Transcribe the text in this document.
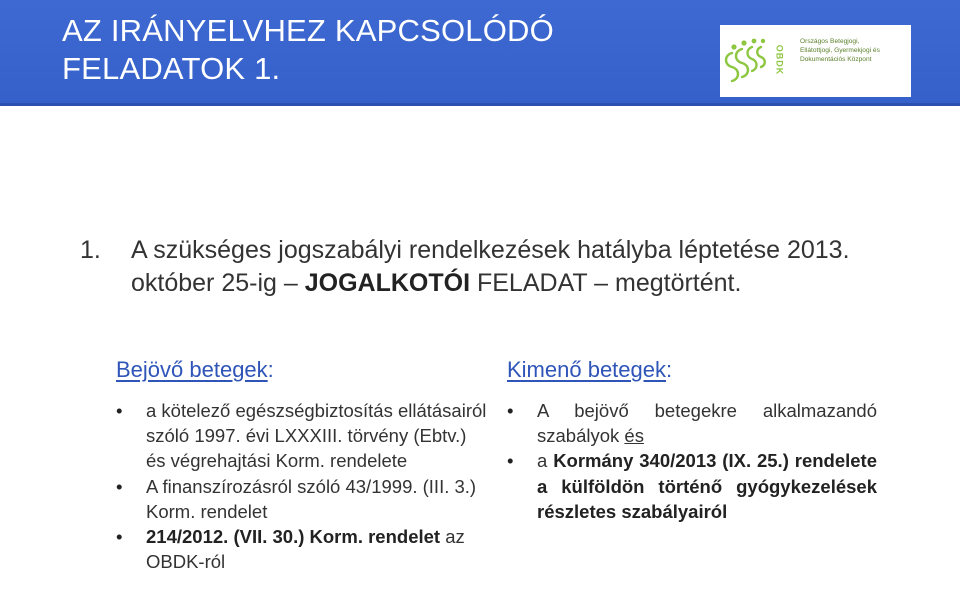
AZ IRÁNYELVHEZ KAPCSOLÓDÓ
FELADATOK 1.	OBDK
Országos Betegjogi,
Ellátottjogi, Gyermekjogi és
Dokumentációs Központ
1. A szükséges jogszabályi rendelkezések hatályba léptetése 2013. október 25-ig – JOGALKOTÓI FELADAT – megtörtént.
Bejövő betegek:
• a kötelező egészségbiztosítás ellátásairól szóló 1997. évi LXXXIII. törvény (Ebtv.) és végrehajtási Korm. rendelete
• A finanszírozásról szóló 43/1999. (III. 3.) Korm. rendelet
• 214/2012. (VII. 30.) Korm. rendelet az OBDK-ról
Kimenő betegek:
• A bejövő betegekre alkalmazandó szabályok és
• a Kormány 340/2013 (IX. 25.) rendelete a külföldön történő gyógykezelések részletes szabályairól
